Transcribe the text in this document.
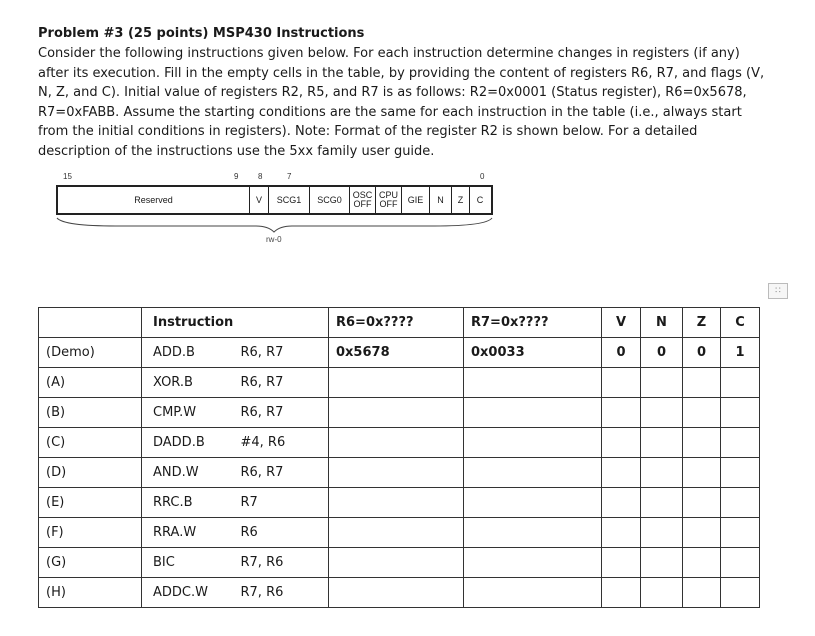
Problem #3 (25 points) MSP430 Instructions

Consider the following instructions given below. For each instruction determine changes in registers (if any)

after its execution. Fill in the empty cells in the table, by providing the content of registers R6, R7, and flags (V,

N, Z, and C). Initial value of registers R2, R5, and R7 is as follows: R2=0x0001 (Status register), R6=0x5678,

R7=0xFABB. Assume the starting conditions are the same for each instruction in the table (i.e., always start

from the initial conditions in registers). Note: Format of the register R2 is shown below. For a detailed

description of the instructions use the 5xx family user guide.

15	9 8	7	0
Reserved	V	SCG1	SCG0	OSC OFF
CPU OFF	GIE	N	Z	C
rw-0
∷
	Instruction		R6=0x????	R7=0x????	V	N	Z	C
(Demo)	ADD.B	R6, R7	0x5678	0x0033	0	0	0	1
(A)	XOR.B	R6, R7						
(B)	CMP.W	R6, R7						
(C)	DADD.B	#4, R6						
(D)	AND.W	R6, R7						
(E)	RRC.B	R7						
(F)	RRA.W	R6						
(G)	BIC	R7, R6						
(H)	ADDC.W	R7, R6						
